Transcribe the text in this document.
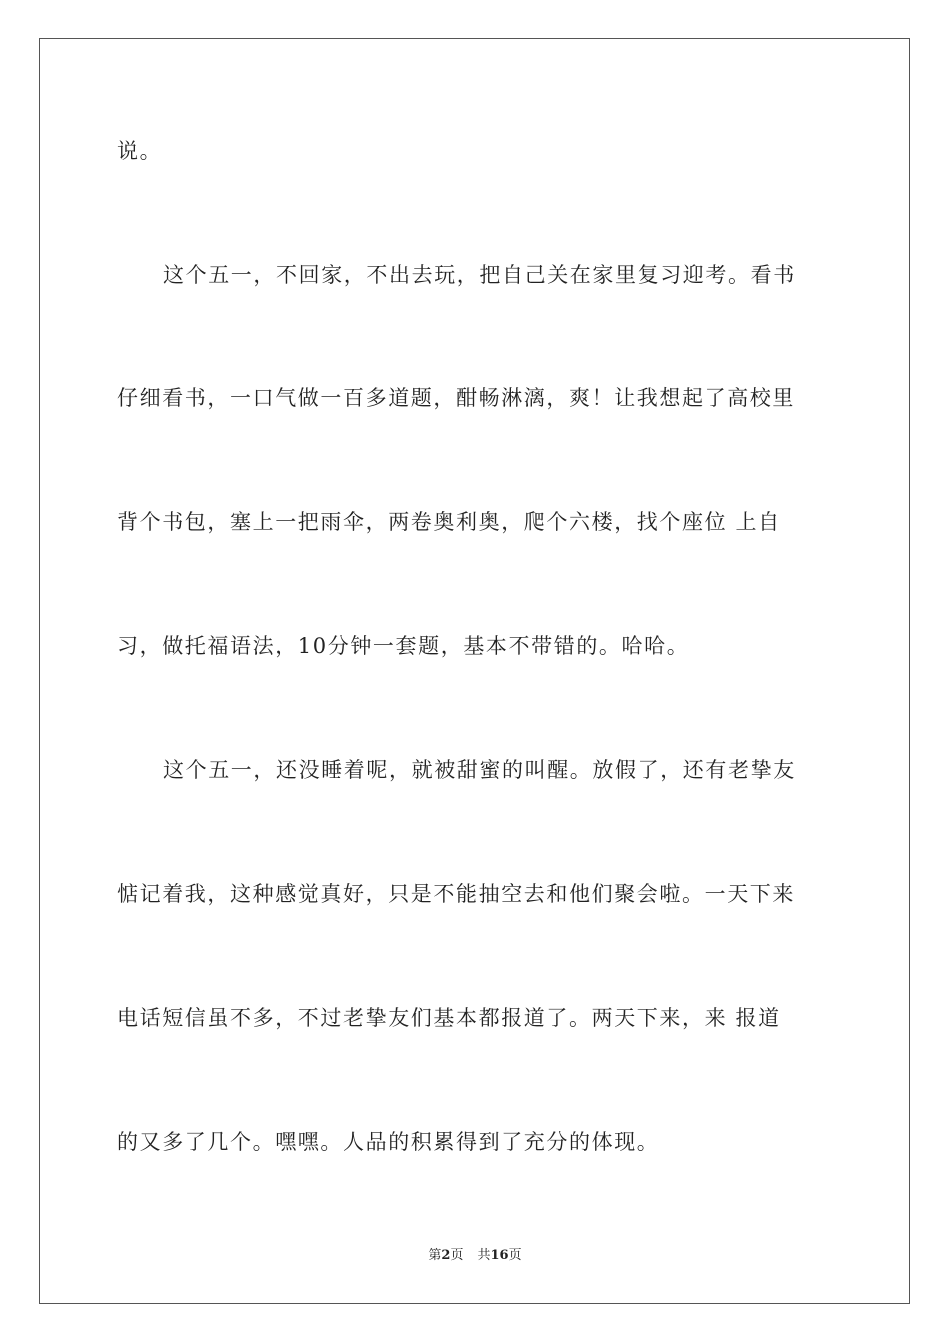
说。
这个五一，不回家，不出去玩，把自己关在家里复习迎考。看书
仔细看书，一口气做一百多道题，酣畅淋漓，爽！让我想起了高校里
背个书包，塞上一把雨伞，两卷奥利奥，爬个六楼，找个座位 上自
习，做托福语法，10分钟一套题，基本不带错的。哈哈。
这个五一，还没睡着呢，就被甜蜜的叫醒。放假了，还有老挚友
惦记着我，这种感觉真好，只是不能抽空去和他们聚会啦。一天下来
电话短信虽不多，不过老挚友们基本都报道了。两天下来，来 报道
的又多了几个。嘿嘿。人品的积累得到了充分的体现。
第2页 共16页
